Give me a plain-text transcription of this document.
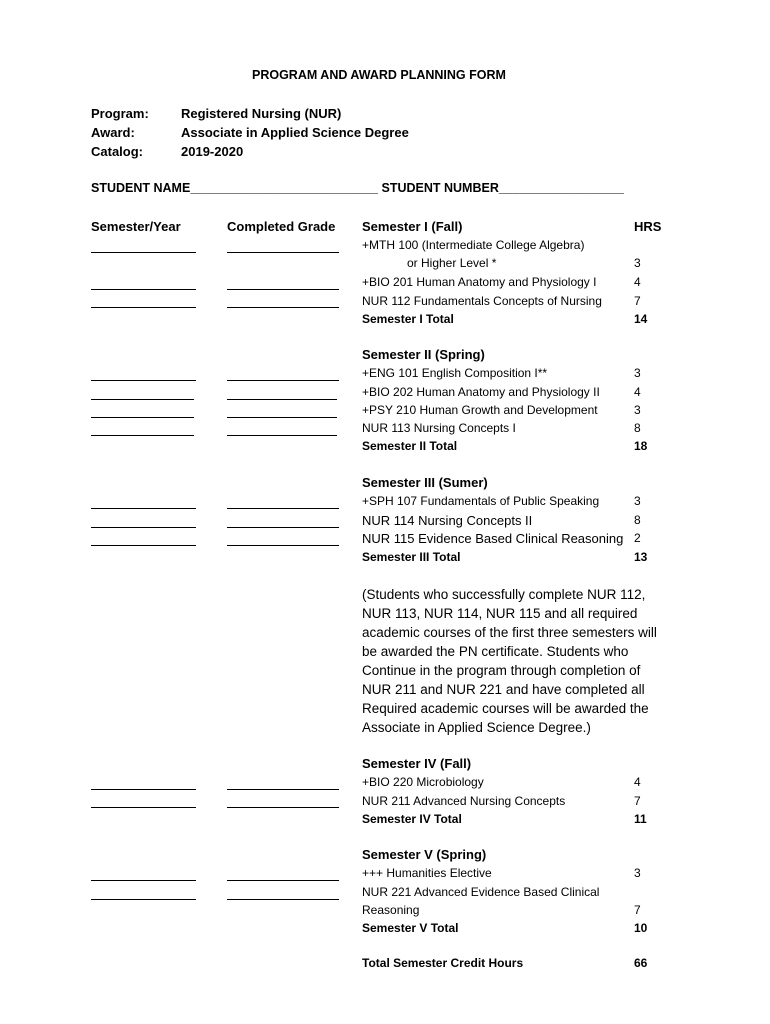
PROGRAM AND AWARD PLANNING FORM
Program: Registered Nursing (NUR)
Award:	Associate in Applied Science Degree
Catalog:	2019-2020
STUDENT NAME___________________________ STUDENT NUMBER__________________
Semester/Year	Completed Grade	HRS
Semester I (Fall)
+MTH 100 (Intermediate College Algebra)
or Higher Level *	3
+BIO 201 Human Anatomy and Physiology I	4
NUR 112 Fundamentals Concepts of Nursing	7
Semester I Total	14
Semester II (Spring)
+ENG 101 English Composition I**	3
+BIO 202 Human Anatomy and Physiology II	4
+PSY 210 Human Growth and Development	3
NUR 113 Nursing Concepts I	8
Semester II Total	18
Semester III (Sumer)
+SPH 107 Fundamentals of Public Speaking	3
NUR 114 Nursing Concepts II	8
NUR 115 Evidence Based Clinical Reasoning 2
Semester III Total	13
(Students who successfully complete NUR 112, NUR 113, NUR 114, NUR 115 and all required academic courses of the first three semesters will be awarded the PN certificate. Students who Continue in the program through completion of NUR 211 and NUR 221 and have completed all Required academic courses will be awarded the Associate in Applied Science Degree.)
Semester IV (Fall)
+BIO 220 Microbiology	4
NUR 211 Advanced Nursing Concepts	7
Semester IV Total	11
Semester V (Spring)
+++ Humanities Elective	3
NUR 221 Advanced Evidence Based Clinical
Reasoning	7
Semester V Total	10
Total Semester Credit Hours	66
